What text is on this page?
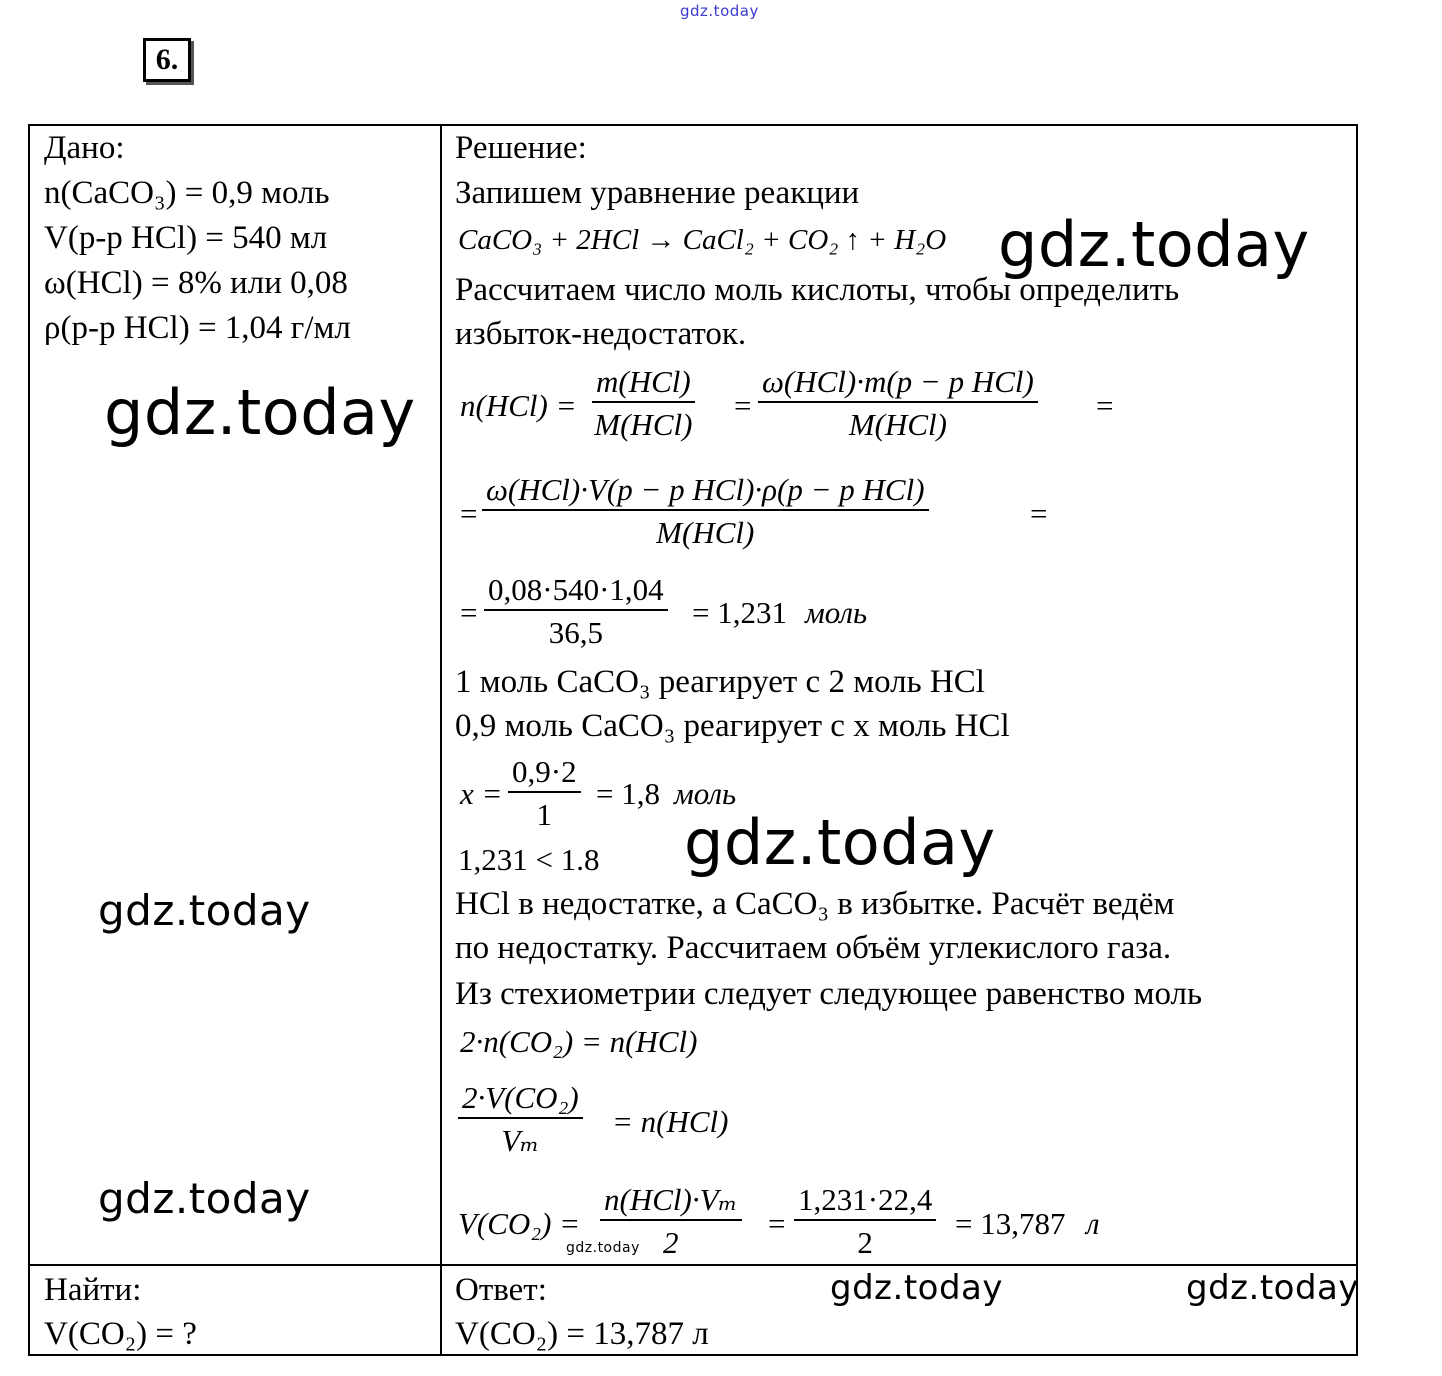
gdz.today
6.
Дано:
n(CaCO₃) = 0,9 моль
V(р-р HCl) = 540 мл
ω(HCl) = 8% или 0,08
ρ(р-р HCl) = 1,04 г/мл
Найти:
V(CO₂) = ?
Решение:
Запишем уравнение реакции
CaCO₃ + 2HCl → CaCl₂ + CO₂ ↑ + H₂O
Рассчитаем число моль кислоты, чтобы определить
избыток-недостаток.
n(HCl) =
m(HCl)
M(HCl)
=
ω(HCl)·m(p − p HCl)
M(HCl)
=
=
ω(HCl)·V(p − p HCl)·ρ(p − p HCl)
M(HCl)
=
= $\frac{0,08\cdot 540\cdot 1,04}{36,5} = 1,231$ моль
1 моль CaCO₃ реагирует с 2 моль HCl
0,9 моль CaCO₃ реагирует с x моль HCl
$x = \frac{0,9\cdot 2}{1} = 1,8$ моль
1,231 < 1.8
HCl в недостатке, а CaCO₃ в избытке. Расчёт ведём
по недостатку. Рассчитаем объём углекислого газа.
Из стехиометрии следует следующее равенство моль
2·n(CO₂) = n(HCl)
$\frac{\text{2·V(CO₂)}}{\text{Vₘ}} = n(HCl)$
V(CO₂) =
n(HCl)·Vₘ
2
= $\frac{1,231\cdot 22,4}{2} = 13,787$ л
Ответ:
V(CO₂) = 13,787 л
gdz.today
gdz.today
gdz.today
gdz.today
gdz.today
gdz.today	gdz.today
gdz.today
